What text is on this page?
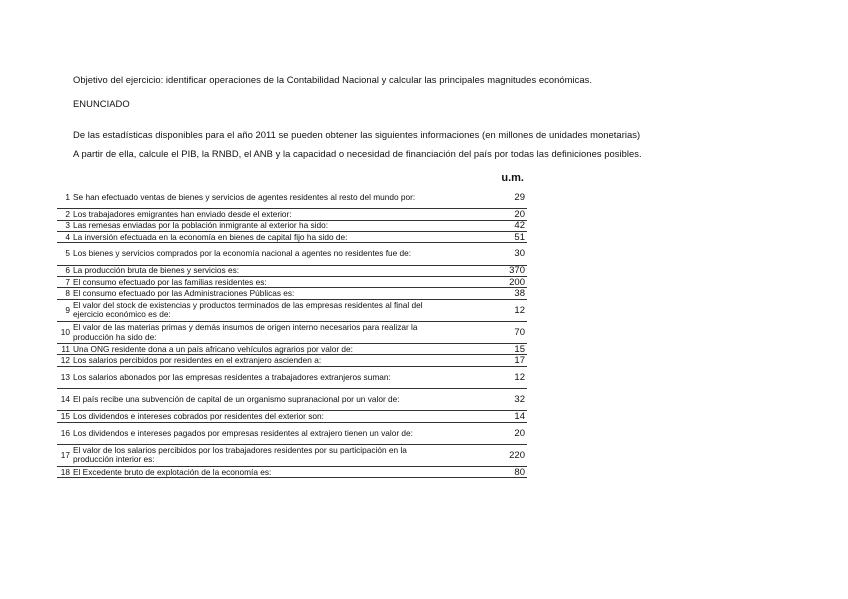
Objetivo del ejercicio: identificar operaciones de la Contabilidad Nacional y calcular las principales magnitudes económicas.
ENUNCIADO
De las estadísticas disponibles para el año 2011 se pueden obtener las siguientes informaciones (en millones de unidades monetarias)
A partir de ella, calcule el PIB, la RNBD, el ANB y la capacidad o necesidad de financiación del país por todas las definiciones posibles.
u.m.
1	Se han efectuado ventas de bienes y servicios de agentes residentes al resto del mundo por:	29
2	Los trabajadores emigrantes han enviado desde el exterior:	20
3	Las remesas enviadas por la población inmigrante al exterior ha sido:	42
4	La inversión efectuada en la economía en bienes de capital fijo ha sido de:	51
5	Los bienes y servicios comprados por la economía nacional a agentes no residentes fue de:	30
6	La producción bruta de bienes y servicios es:	370
7	El consumo efectuado por las familias residentes es:	200
8	El consumo efectuado por las Administraciones Públicas es:	38
9	El valor del stock de existencias y productos terminados de las empresas residentes al final del ejercicio económico es de:	12
10	El valor de las materias primas y demás insumos de origen interno necesarios para realizar la producción ha sido de:	70
11	Una ONG residente dona a un país africano vehículos agrarios por valor de:	15
12	Los salarios percibidos por residentes en el extranjero ascienden a:	17
13	Los salarios abonados por las empresas residentes a trabajadores extranjeros suman:	12
14	El país recibe una subvención de capital de un organismo supranacional por un valor de:	32
15	Los dividendos e intereses cobrados por residentes del exterior son:	14
16	Los dividendos e intereses pagados por empresas residentes al extrajero tienen un valor de:	20
17	El valor de los salarios percibidos por los trabajadores residentes por su participación en la producción interior es:	220
18	El Excedente bruto de explotación de la economía es:	80
